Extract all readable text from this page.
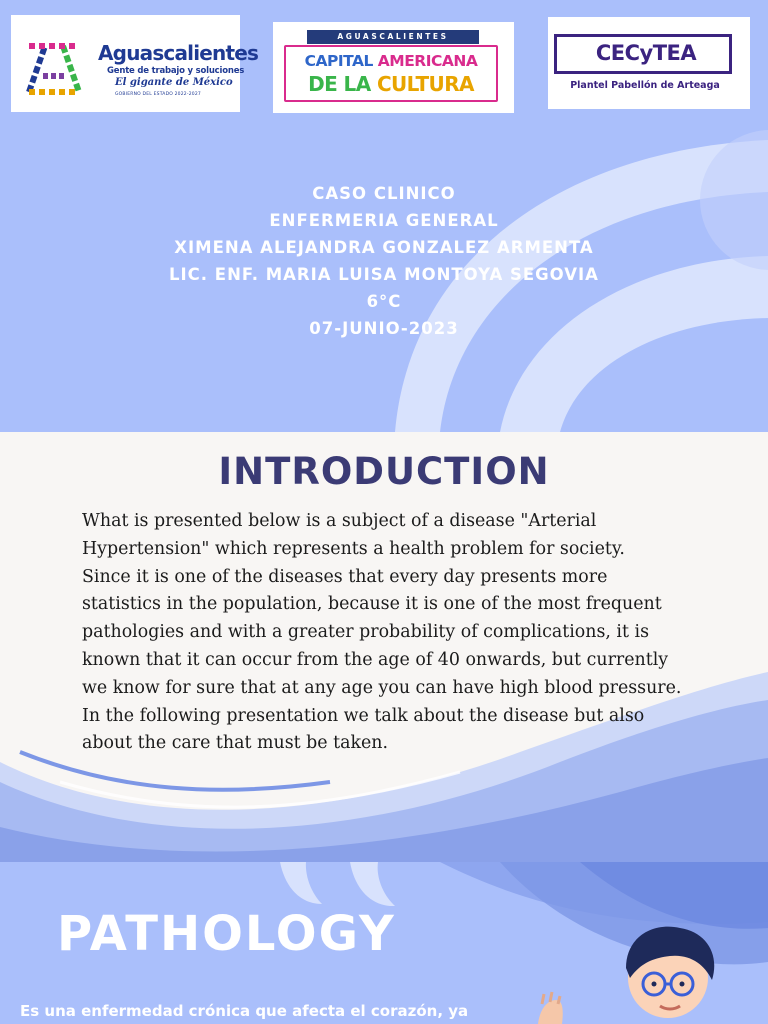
Aguascalientes
Gente de trabajo y soluciones
El gigante de México
GOBIERNO DEL ESTADO 2022-2027
AGUASCALIENTES
CAPITAL AMERICANA
DE LA CULTURA
CECyTEA
Plantel Pabellón de Arteaga
CASO CLINICO
ENFERMERIA GENERAL
XIMENA ALEJANDRA GONZALEZ ARMENTA
LIC. ENF. MARIA LUISA MONTOYA SEGOVIA
6°C
07-JUNIO-2023
INTRODUCTION
What is presented below is a subject of a disease "Arterial
Hypertension" which represents a health problem for society.
Since it is one of the diseases that every day presents more
statistics in the population, because it is one of the most frequent
pathologies and with a greater probability of complications, it is
known that it can occur from the age of 40 onwards, but currently
we know for sure that at any age you can have high blood pressure.
In the following presentation we talk about the disease but also
about the care that must be taken.
PATHOLOGY
Es una enfermedad crónica que afecta el corazón, ya
